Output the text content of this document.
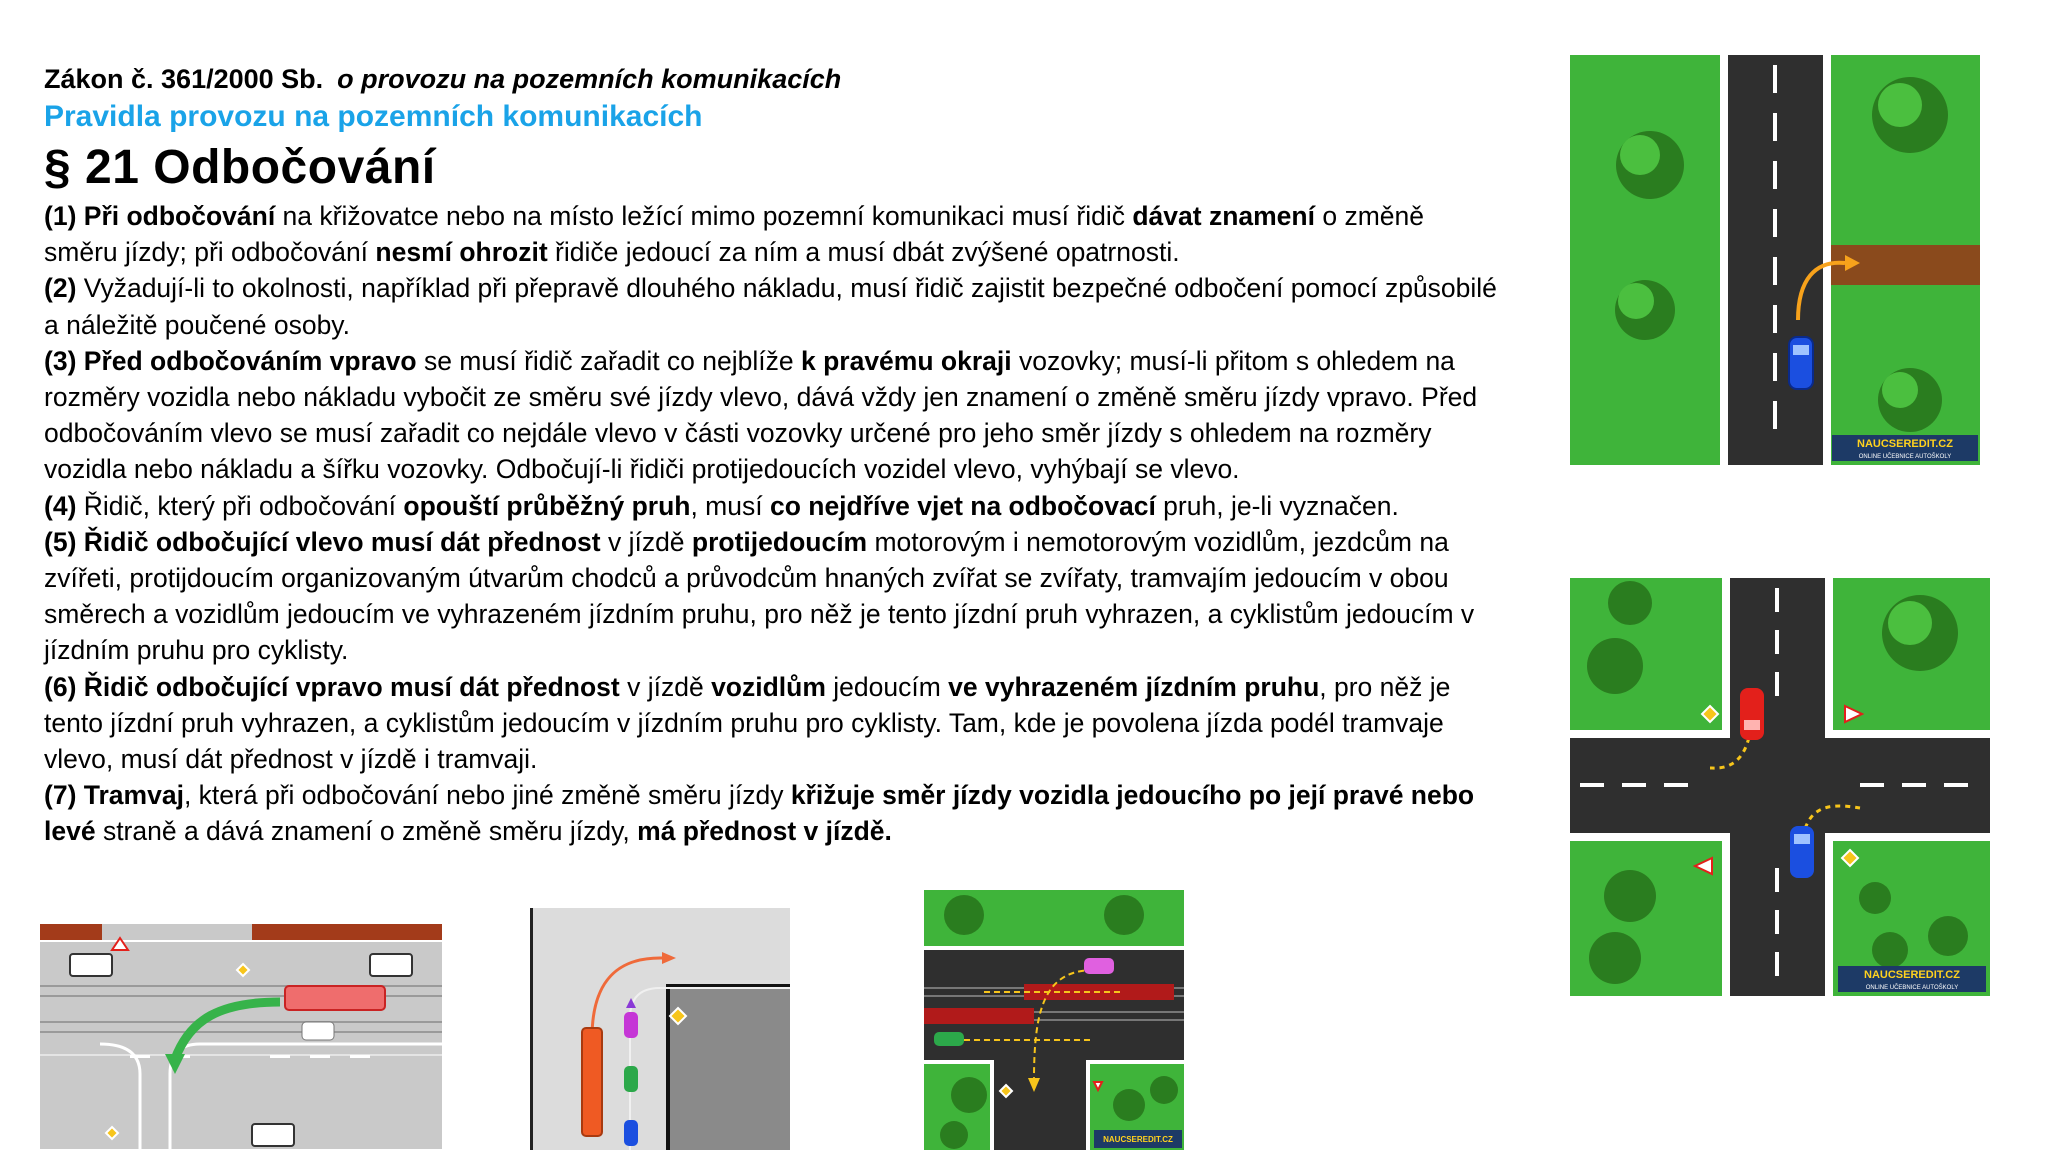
Zákon č. 361/2000 Sb. o provozu na pozemních komunikacích
Pravidla provozu na pozemních komunikacích
§ 21 Odbočování

(1) Při odbočování na křižovatce nebo na místo ležící mimo pozemní komunikaci musí řidič dávat znamení o změně směru jízdy; při odbočování nesmí ohrozit řidiče jedoucí za ním a musí dbát zvýšené opatrnosti.

(2) Vyžadují-li to okolnosti, například při přepravě dlouhého nákladu, musí řidič zajistit bezpečné odbočení pomocí způsobilé a náležitě poučené osoby.

(3) Před odbočováním vpravo se musí řidič zařadit co nejblíže k pravému okraji vozovky; musí-li přitom s ohledem na rozměry vozidla nebo nákladu vybočit ze směru své jízdy vlevo, dává vždy jen znamení o změně směru jízdy vpravo. Před odbočováním vlevo se musí zařadit co nejdále vlevo v části vozovky určené pro jeho směr jízdy s ohledem na rozměry vozidla nebo nákladu a šířku vozovky. Odbočují-li řidiči protijedoucích vozidel vlevo, vyhýbají se vlevo.

(4) Řidič, který při odbočování opouští průběžný pruh, musí co nejdříve vjet na odbočovací pruh, je-li vyznačen.

(5) Řidič odbočující vlevo musí dát přednost v jízdě protijedoucím motorovým i nemotorovým vozidlům, jezdcům na zvířeti, protijdoucím organizovaným útvarům chodců a průvodcům hnaných zvířat se zvířaty, tramvajím jedoucím v obou směrech a vozidlům jedoucím ve vyhrazeném jízdním pruhu, pro něž je tento jízdní pruh vyhrazen, a cyklistům jedoucím v jízdním pruhu pro cyklisty.

(6) Řidič odbočující vpravo musí dát přednost v jízdě vozidlům jedoucím ve vyhrazeném jízdním pruhu, pro něž je tento jízdní pruh vyhrazen, a cyklistům jedoucím v jízdním pruhu pro cyklisty. Tam, kde je povolena jízda podél tramvaje vlevo, musí dát přednost v jízdě i tramvaji.

(7) Tramvaj, která při odbočování nebo jiné změně směru jízdy křižuje směr jízdy vozidla jedoucího po její pravé nebo levé straně a dává znamení o změně směru jízdy, má přednost v jízdě.

NAUCSEREDIT.CZ
ONLINE UČEBNICE AUTOŠKOLY
NAUCSEREDIT.CZ
ONLINE UČEBNICE AUTOŠKOLY
NAUCSEREDIT.CZ
